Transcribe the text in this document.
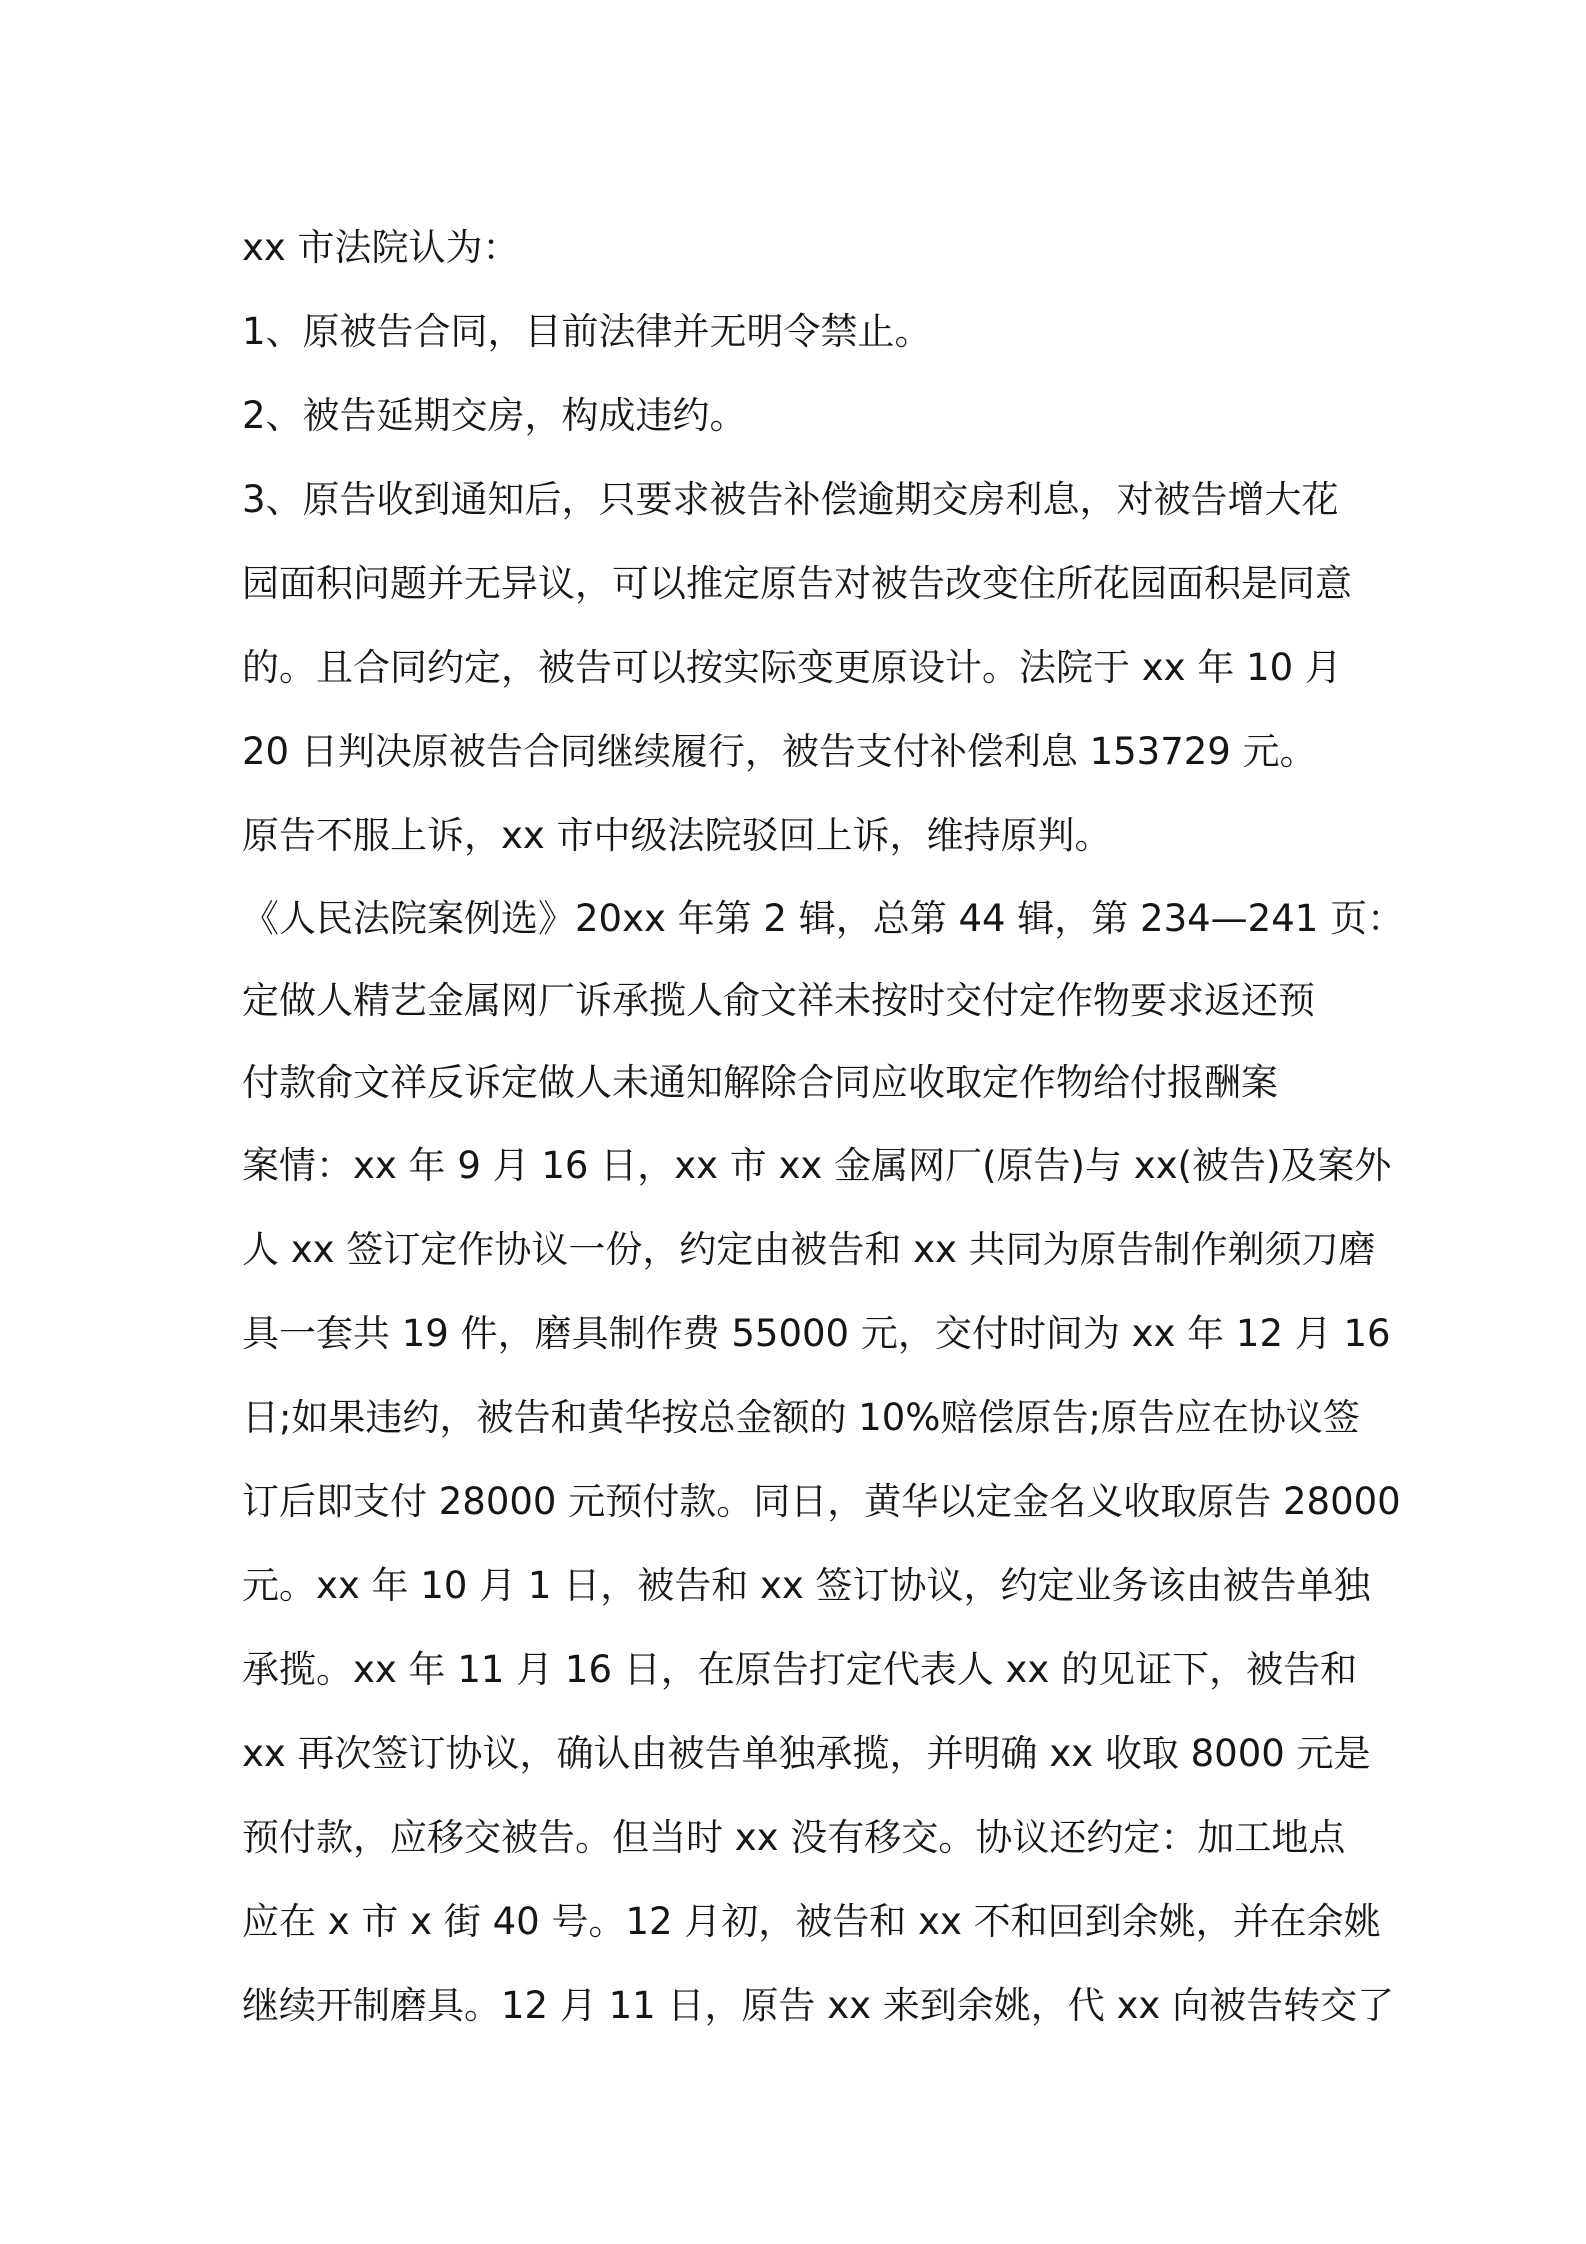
xx 市法院认为：
1、原被告合同，目前法律并无明令禁止。
2、被告延期交房，构成违约。
3、原告收到通知后，只要求被告补偿逾期交房利息，对被告增大花
园面积问题并无异议，可以推定原告对被告改变住所花园面积是同意
的。且合同约定，被告可以按实际变更原设计。法院于 xx 年 10 月
20 日判决原被告合同继续履行，被告支付补偿利息 153729 元。
原告不服上诉，xx 市中级法院驳回上诉，维持原判。
《人民法院案例选》20xx 年第 2 辑，总第 44 辑，第 234—241 页：
定做人精艺金属网厂诉承揽人俞文祥未按时交付定作物要求返还预
付款俞文祥反诉定做人未通知解除合同应收取定作物给付报酬案
案情：xx 年 9 月 16 日，xx 市 xx 金属网厂(原告)与 xx(被告)及案外
人 xx 签订定作协议一份，约定由被告和 xx 共同为原告制作剃须刀磨
具一套共 19 件，磨具制作费 55000 元，交付时间为 xx 年 12 月 16
日;如果违约，被告和黄华按总金额的 10%赔偿原告;原告应在协议签
订后即支付 28000 元预付款。同日，黄华以定金名义收取原告 28000
元。xx 年 10 月 1 日，被告和 xx 签订协议，约定业务该由被告单独
承揽。xx 年 11 月 16 日，在原告打定代表人 xx 的见证下，被告和
xx 再次签订协议，确认由被告单独承揽，并明确 xx 收取 8000 元是
预付款，应移交被告。但当时 xx 没有移交。协议还约定：加工地点
应在 x 市 x 街 40 号。12 月初，被告和 xx 不和回到余姚，并在余姚
继续开制磨具。12 月 11 日，原告 xx 来到余姚，代 xx 向被告转交了
